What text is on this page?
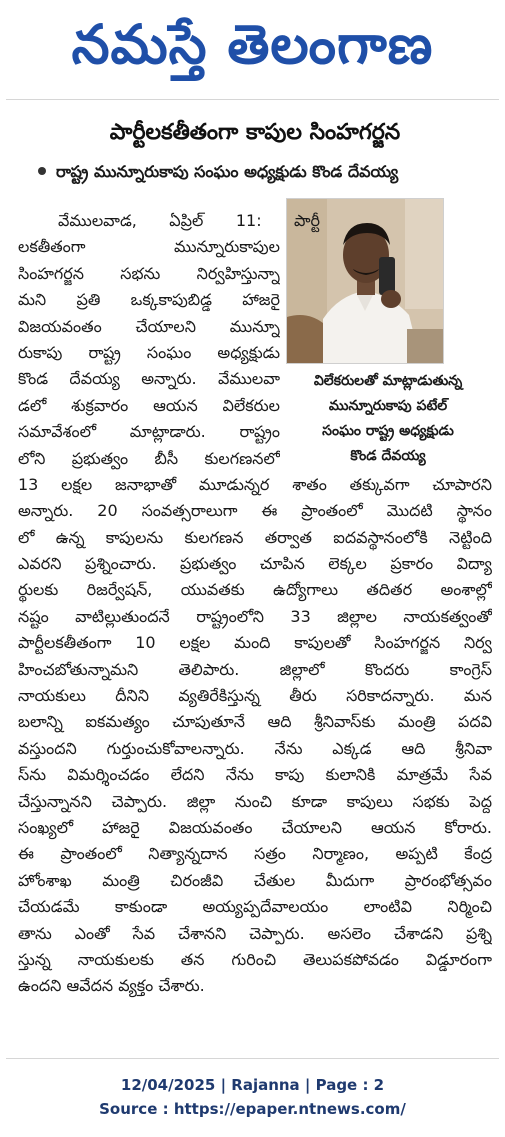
నమస్తే తెలంగాణ
పార్టీలకతీతంగా కాపుల సింహగర్జన
రాష్ట్ర మున్నూరుకాపు సంఘం అధ్యక్షుడు కొండ దేవయ్య
విలేకరులతో మాట్లాడుతున్న
మున్నూరుకాపు పటేల్
సంఘం రాష్ట్ర అధ్యక్షుడు
కొండ దేవయ్య
వేములవాడ, ఏప్రిల్ 11: పార్టీ
లకతీతంగా మున్నూరుకాపుల
సింహగర్జన సభను నిర్వహిస్తున్నా
మని ప్రతి ఒక్కకాపుబిడ్డ హాజరై
విజయవంతం చేయాలని మున్నూ
రుకాపు రాష్ట్ర సంఘం అధ్యక్షుడు
కొండ దేవయ్య అన్నారు. వేములవా
డలో శుక్రవారం ఆయన విలేకరుల
సమావేశంలో మాట్లాడారు. రాష్ట్రం
లోని ప్రభుత్వం బీసీ కులగణనలో
13 లక్షల జనాభాతో మూడున్నర శాతం తక్కువగా చూపారని
అన్నారు. 20 సంవత్సరాలుగా ఈ ప్రాంతంలో మొదటి స్థానం
లో ఉన్న కాపులను కులగణన తర్వాత ఐదవస్థానంలోకి నెట్టింది
ఎవరని ప్రశ్నించారు. ప్రభుత్వం చూపిన లెక్కల ప్రకారం విద్యా
ర్థులకు రిజర్వేషన్, యువతకు ఉద్యోగాలు తదితర అంశాల్లో
నష్టం వాటిల్లుతుందనే రాష్ట్రంలోని 33 జిల్లాల నాయకత్వంతో
పార్టీలకతీతంగా 10 లక్షల మంది కాపులతో సింహగర్జన నిర్వ
హించబోతున్నామని తెలిపారు. జిల్లాలో కొందరు కాంగ్రెస్
నాయకులు దీనిని వ్యతిరేకిస్తున్న తీరు సరికాదన్నారు. మన
బలాన్ని ఐకమత్యం చూపుతూనే ఆది శ్రీనివాస్‌కు మంత్రి పదవి
వస్తుందని గుర్తుంచుకోవాలన్నారు. నేను ఎక్కడ ఆది శ్రీనివా
స్‌ను విమర్శించడం లేదని నేను కాపు కులానికి మాత్రమే సేవ
చేస్తున్నానని చెప్పారు. జిల్లా నుంచి కూడా కాపులు సభకు పెద్ద
సంఖ్యలో హాజరై విజయవంతం చేయాలని ఆయన కోరారు.
ఈ ప్రాంతంలో నిత్యాన్నదాన సత్రం నిర్మాణం, అప్పటి కేంద్ర
హోంశాఖ మంత్రి చిరంజీవి చేతుల మీదుగా ప్రారంభోత్సవం
చేయడమే కాకుండా అయ్యప్పదేవాలయం లాంటివి నిర్మించి
తాను ఎంతో సేవ చేశానని చెప్పారు. అసలెం చేశాడని ప్రశ్ని
స్తున్న నాయకులకు తన గురించి తెలుపకపోవడం విడ్డూరంగా
ఉందని ఆవేదన వ్యక్తం చేశారు.
12/04/2025 | Rajanna | Page : 2
Source : https://epaper.ntnews.com/
